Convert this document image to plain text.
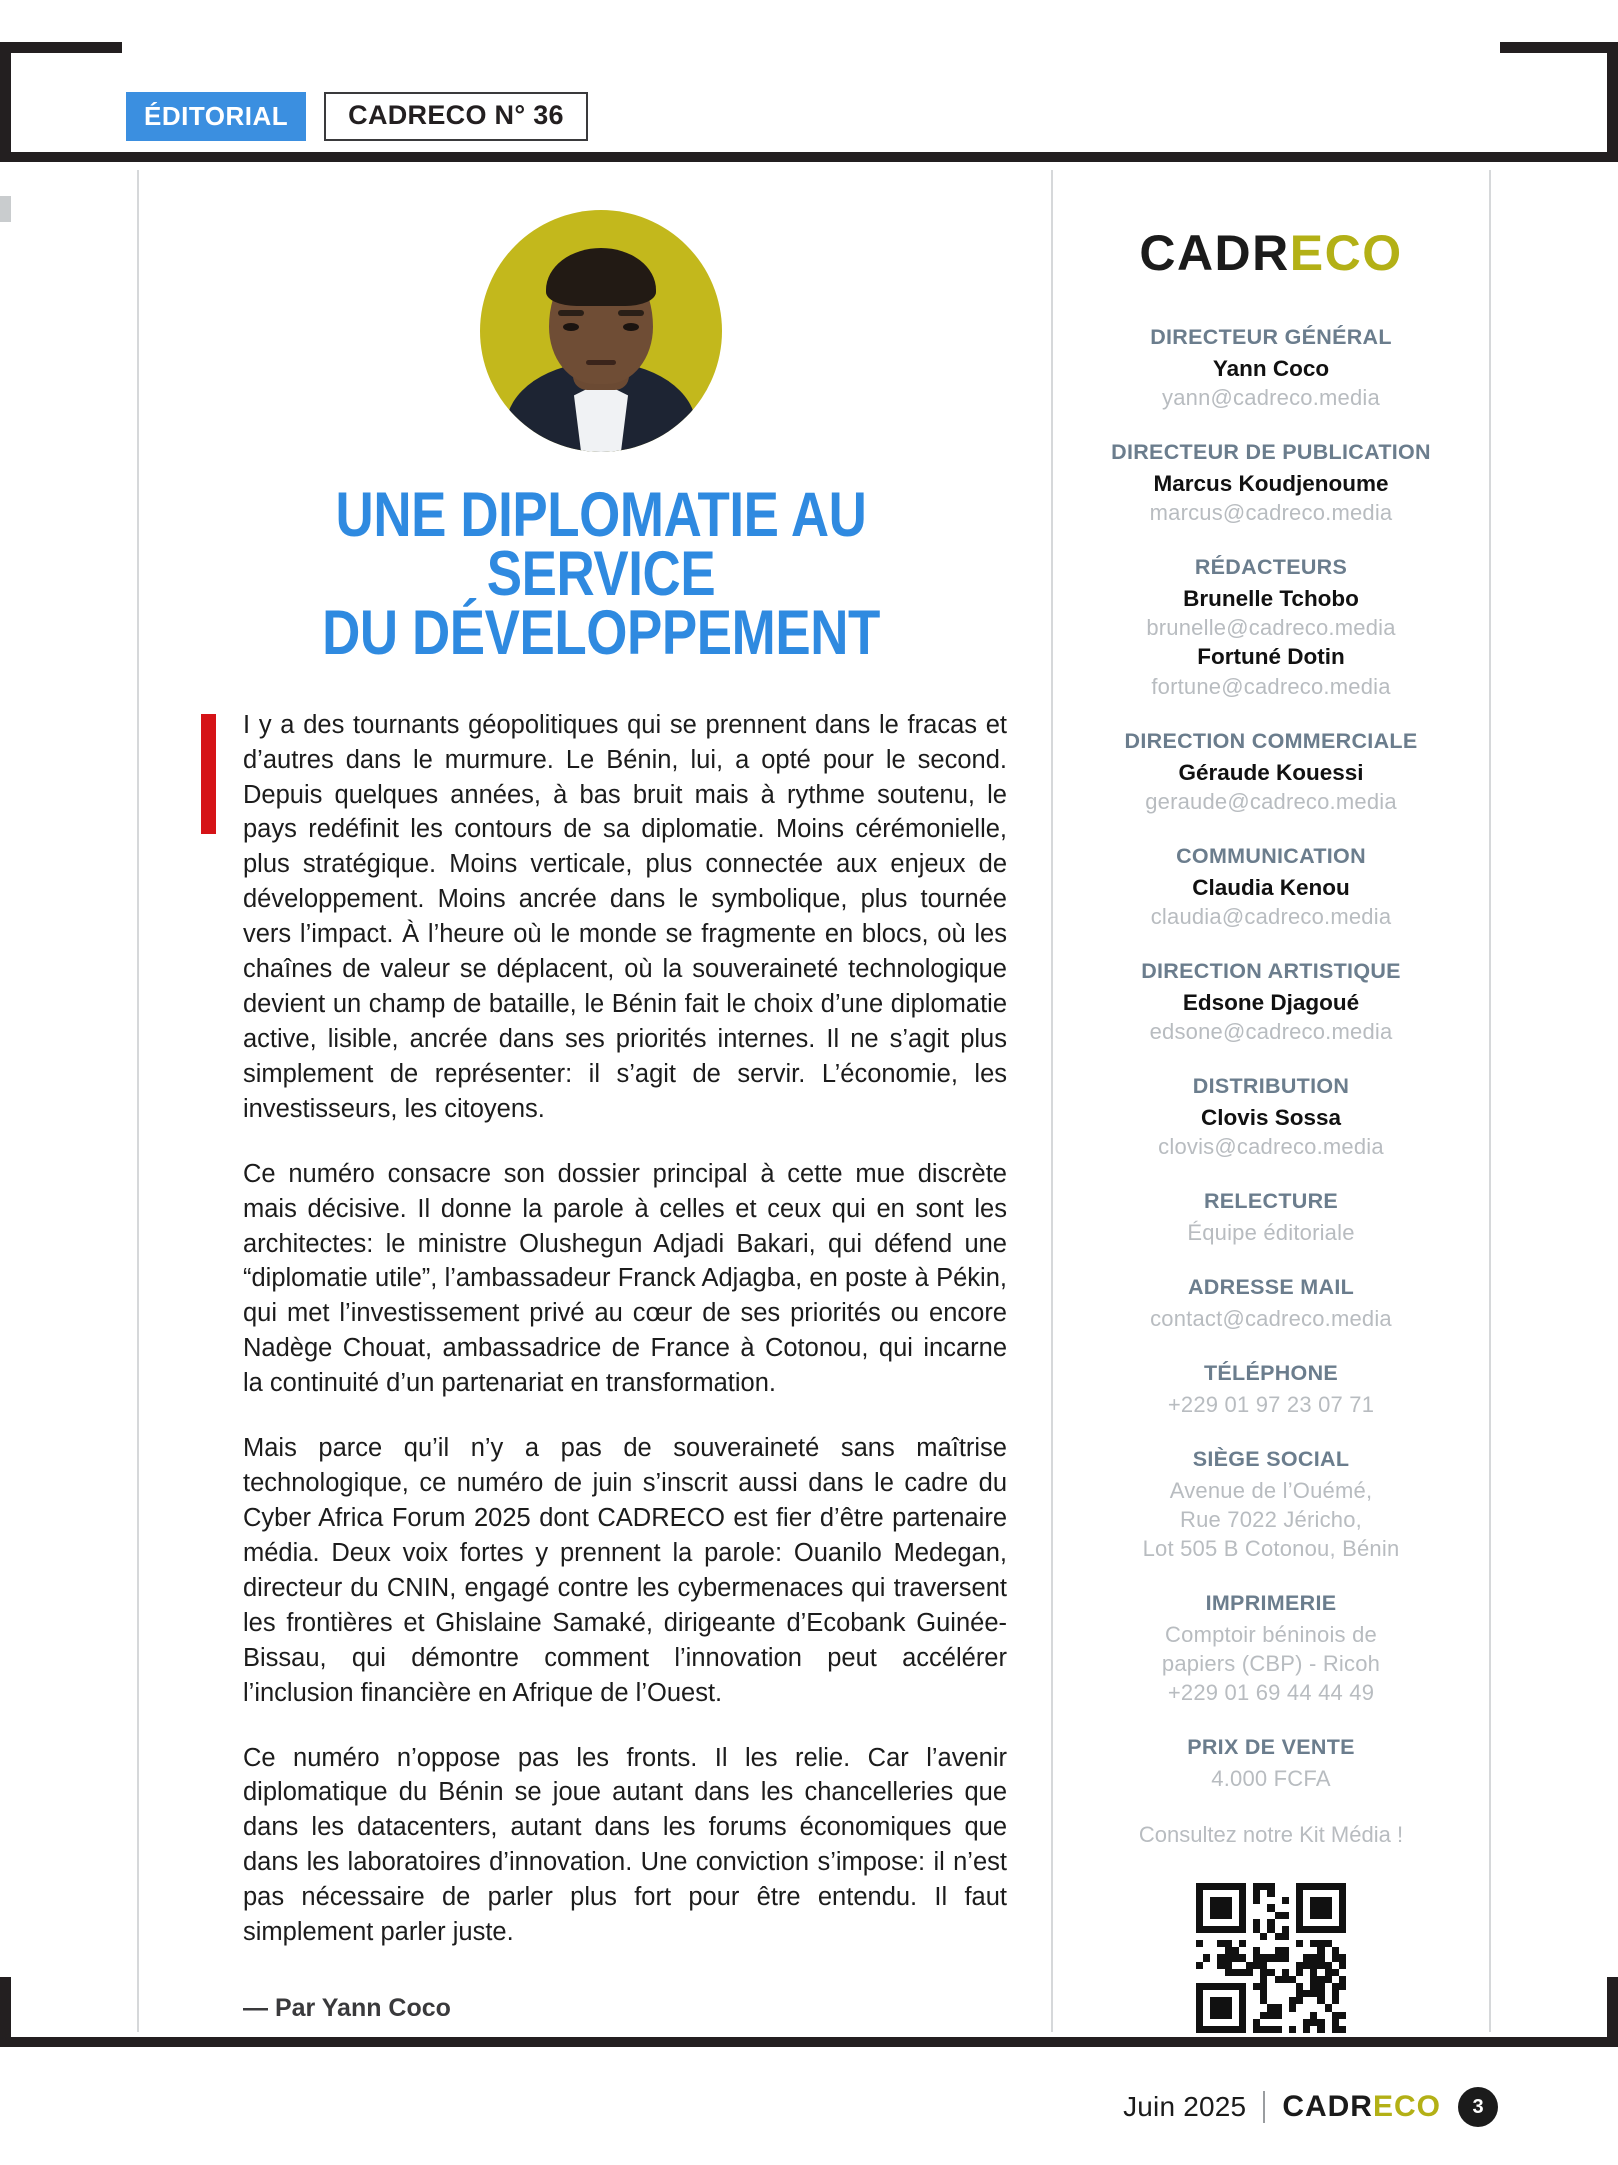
ÉDITORIAL	CADRECO N° 36
UNE DIPLOMATIE AU SERVICE
DU DÉVELOPPEMENT

I y a des tournants géopolitiques qui se prennent dans le fracas et d’autres dans le murmure. Le Bénin, lui, a opté pour le second. Depuis quelques années, à bas bruit mais à rythme soutenu, le pays redéfinit les contours de sa diplomatie. Moins cérémonielle, plus stratégique. Moins verticale, plus connectée aux enjeux de développement. Moins ancrée dans le symbolique, plus tournée vers l’impact. À l’heure où le monde se fragmente en blocs, où les chaînes de valeur se déplacent, où la souveraineté technologique devient un champ de bataille, le Bénin fait le choix d’une diplomatie active, lisible, ancrée dans ses priorités internes. Il ne s’agit plus simplement de représenter: il s’agit de servir. L’économie, les investisseurs, les citoyens.

Ce numéro consacre son dossier principal à cette mue discrète mais décisive. Il donne la parole à celles et ceux qui en sont les architectes: le ministre Olushegun Adjadi Bakari, qui défend une “diplomatie utile”, l’ambassadeur Franck Adjagba, en poste à Pékin, qui met l’investissement privé au cœur de ses priorités ou encore Nadège Chouat, ambassadrice de France à Cotonou, qui incarne la continuité d’un partenariat en transformation.

Mais parce qu’il n’y a pas de souveraineté sans maîtrise technologique, ce numéro de juin s’inscrit aussi dans le cadre du Cyber Africa Forum 2025 dont CADRECO est fier d’être partenaire média. Deux voix fortes y prennent la parole: Ouanilo Medegan, directeur du CNIN, engagé contre les cybermenaces qui traversent les frontières et Ghislaine Samaké, dirigeante d’Ecobank Guinée-Bissau, qui démontre comment l’innovation peut accélérer l’inclusion financière en Afrique de l’Ouest.

Ce numéro n’oppose pas les fronts. Il les relie. Car l’avenir diplomatique du Bénin se joue autant dans les chancelleries que dans les datacenters, autant dans les forums économiques que dans les laboratoires d’innovation. Une conviction s’impose: il n’est pas nécessaire de parler plus fort pour être entendu. Il faut simplement parler juste.

— Par Yann Coco
CADRECO
DIRECTEUR GÉNÉRAL
Yann Coco
yann@cadreco.media
DIRECTEUR DE PUBLICATION
Marcus Koudjenoume
marcus@cadreco.media
RÉDACTEURS
Brunelle Tchobo
brunelle@cadreco.media
Fortuné Dotin
fortune@cadreco.media
DIRECTION COMMERCIALE
Géraude Kouessi
geraude@cadreco.media
COMMUNICATION
Claudia Kenou
claudia@cadreco.media
DIRECTION ARTISTIQUE
Edsone Djagoué
edsone@cadreco.media
DISTRIBUTION
Clovis Sossa
clovis@cadreco.media
RELECTURE
Équipe éditoriale
ADRESSE MAIL
contact@cadreco.media
TÉLÉPHONE
+229 01 97 23 07 71
SIÈGE SOCIAL
Avenue de l’Ouémé,
Rue 7022 Jéricho,
Lot 505 B Cotonou, Bénin
IMPRIMERIE
Comptoir béninois de
papiers (CBP) - Ricoh
+229 01 69 44 44 49
PRIX DE VENTE
4.000 FCFA
Consultez notre Kit Média !
Juin 2025 CADRECO	3
